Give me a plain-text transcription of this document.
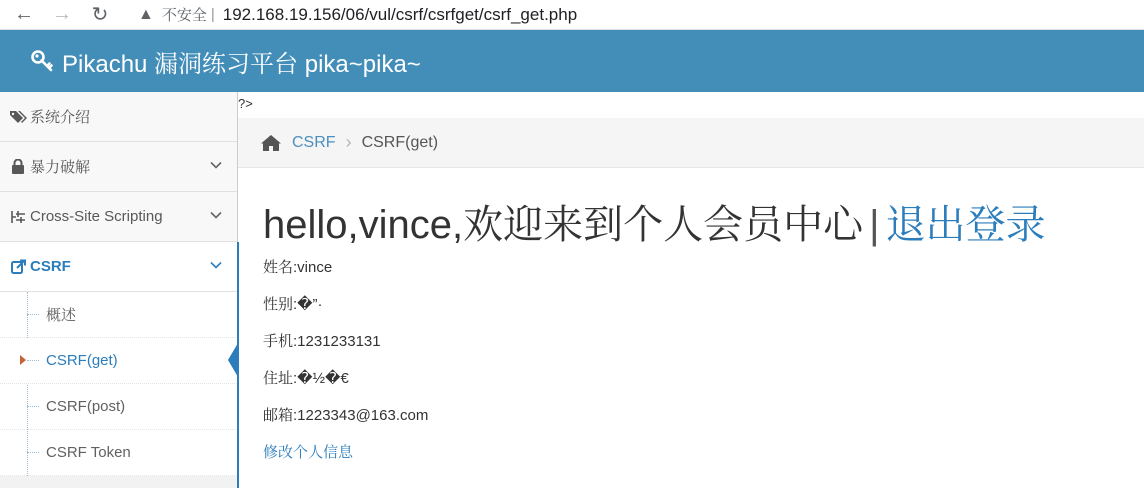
← → ↻	▲ 不安全 | 192.168.19.156/06/vul/csrf/csrfget/csrf_get.php
Pikachu 漏洞练习平台 pika~pika~
系统介绍
暴力破解
Cross-Site Scripting
CSRF
概述
CSRF(get)
CSRF(post)
CSRF Token
?>
CSRF › CSRF(get)
hello,vince,欢迎来到个人会员中心 | 退出登录
姓名:vince
性别:�”·
手机:1231233131
住址:�½�€
邮箱:1223343@163.com
修改个人信息
